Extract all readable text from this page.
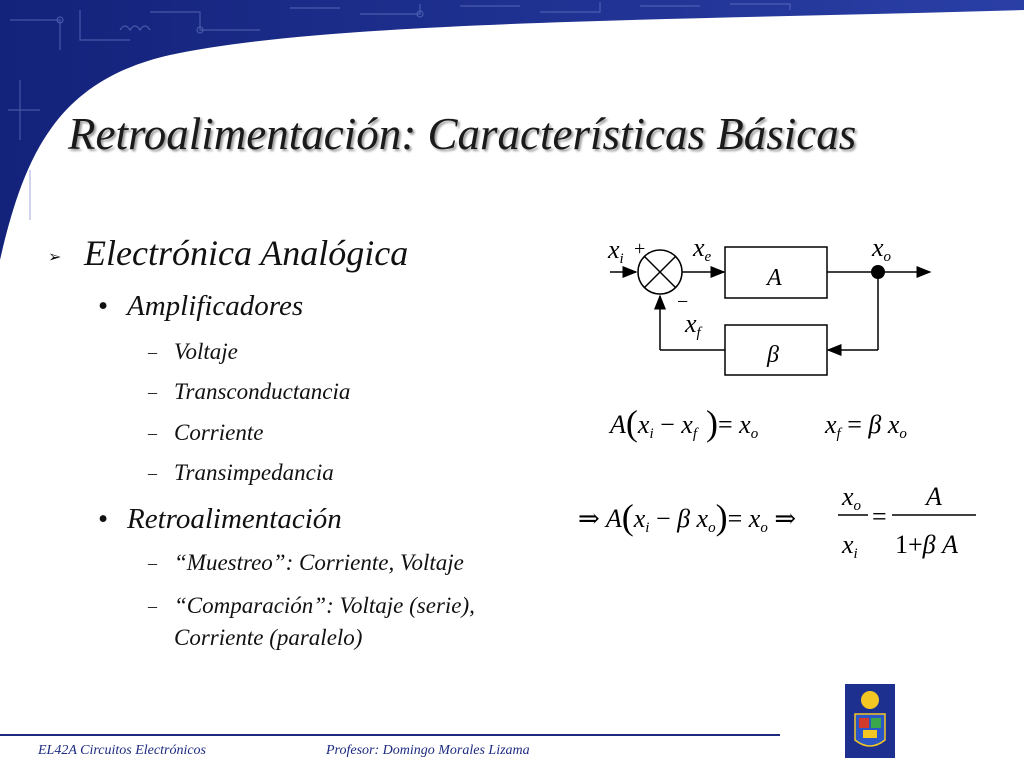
Retroalimentación: Características Básicas
➢ Electrónica Analógica
• Amplificadores
– Voltaje
– Transconductancia
– Corriente
– Transimpedancia
• Retroalimentación
– “Muestreo”: Corriente, Voltaje
– “Comparación”: Voltaje (serie),
Corriente (paralelo)
xi + xe
A
xo
−
xf
β
A(xi − xf )= xo	xf = β xo
⇒ A(xi − β xo)= xo ⇒
xo
xi
=
A
1+β A
EL42A Circuitos Electrónicos	Profesor: Domingo Morales Lizama
